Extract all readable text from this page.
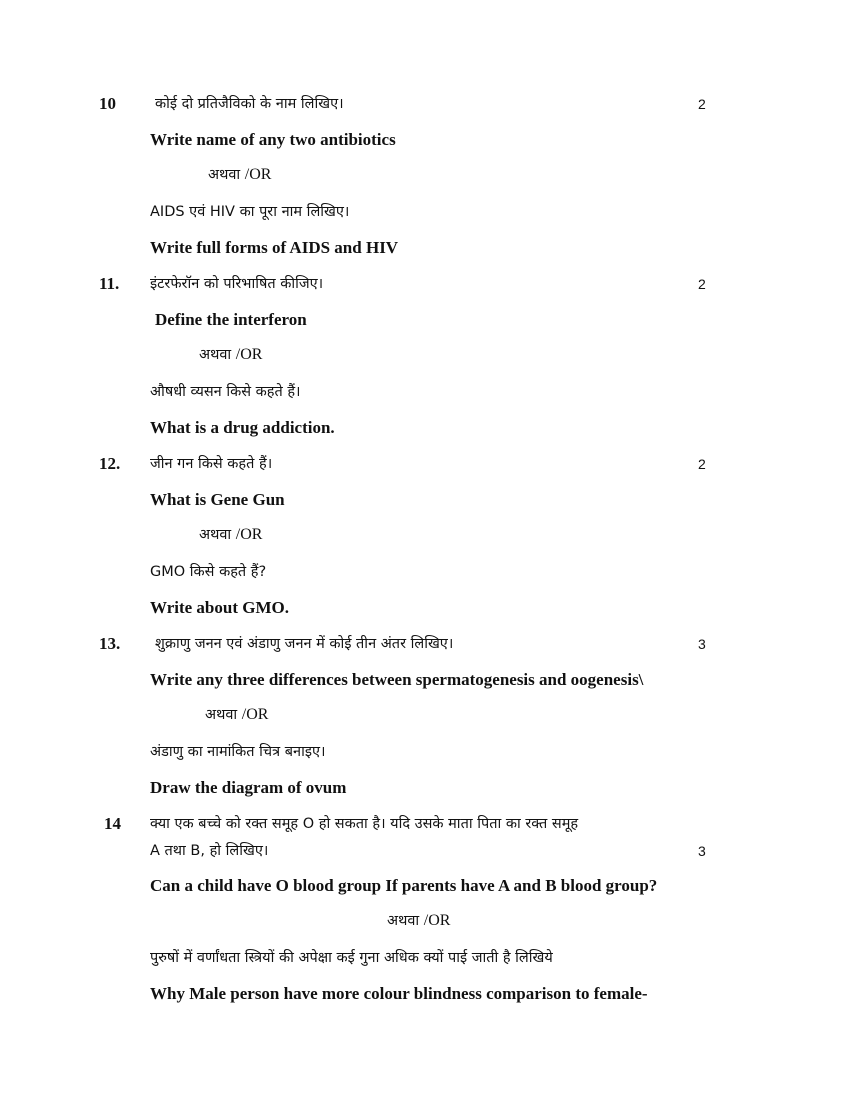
10	कोई दो प्रतिजैविको के नाम लिखिए।	2
Write name of any two antibiotics
अथवा /OR
AIDS एवं HIV का पूरा नाम लिखिए।
Write full forms of AIDS and HIV
11. इंटरफेरॉन को परिभाषित कीजिए।	2
Define the interferon
अथवा /OR
औषधी व्यसन किसे कहते हैं।
What is a drug addiction.
12. जीन गन किसे कहते हैं।	2
What is Gene Gun
अथवा /OR
GMO किसे कहते हैं?
Write about GMO.
13. शुक्राणु जनन एवं अंडाणु जनन में कोई तीन अंतर लिखिए।	3
Write any three differences between spermatogenesis and oogenesis\
अथवा /OR
अंडाणु का नामांकित चित्र बनाइए।
Draw the diagram of ovum
14 क्या एक बच्चे को रक्त समूह O हो सकता है। यदि उसके माता पिता का रक्त समूह
A तथा B, हो लिखिए।	3
Can a child have O blood group If parents have A and B blood group?
अथवा /OR
पुरुषों में वर्णांधता स्त्रियों की अपेक्षा कई गुना अधिक क्यों पाई जाती है लिखिये
Why Male person have more colour blindness comparison to female-
